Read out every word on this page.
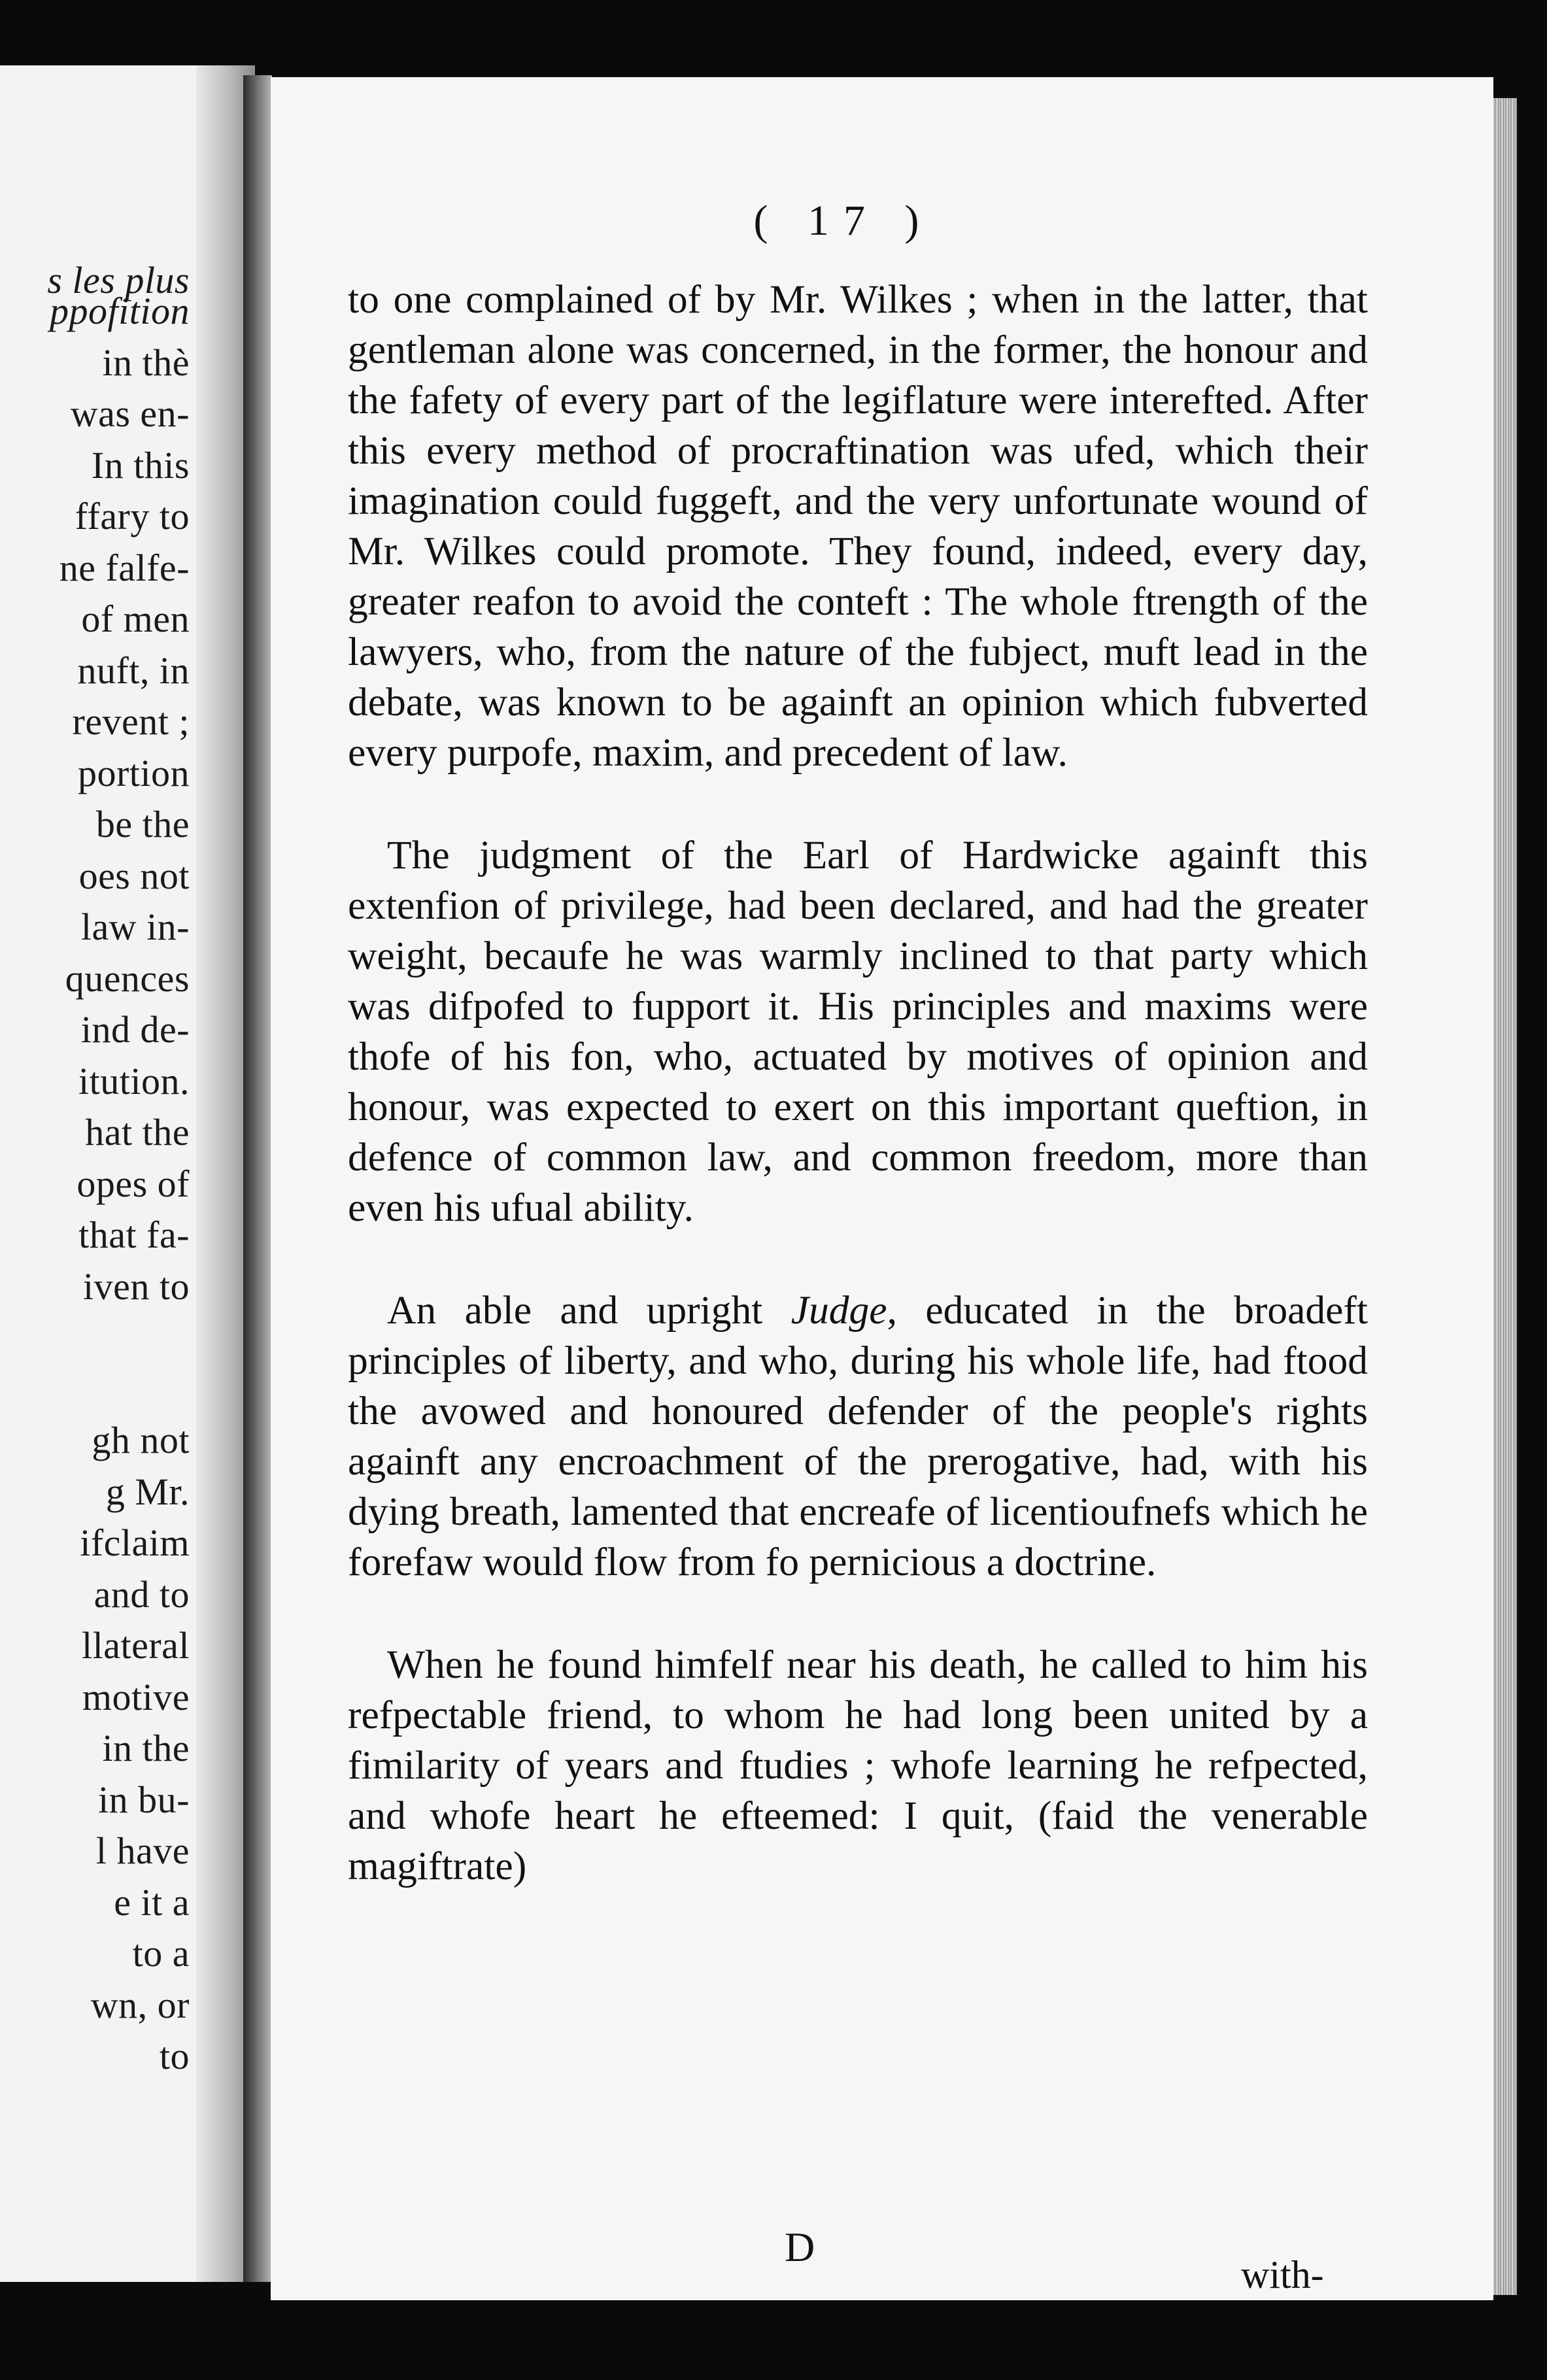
s les plus
ppofition
in thè
was en-
In this
ffary to
ne falfe-
of men
nuft, in
revent ;
portion
be the
oes not
law in-
quences
ind de-
itution.
hat the
opes of
that fa-
iven to
gh not
g Mr.
ifclaim
and to
llateral
motive
in the
in bu-
l have
e it a
to a
wn, or
to
( 17 )

to one complained of by Mr. Wilkes ; when in the latter, that gentleman alone was concerned, in the former, the honour and the fafety of every part of the legiflature were interefted. After this every method of procraftination was ufed, which their imagination could fuggeft, and the very unfortunate wound of Mr. Wilkes could promote. They found, indeed, every day, greater reafon to avoid the conteft : The whole ftrength of the lawyers, who, from the nature of the fubject, muft lead in the debate, was known to be againft an opinion which fubverted every purpofe, maxim, and precedent of law.

The judgment of the Earl of Hardwicke againft this extenfion of privilege, had been declared, and had the greater weight, becaufe he was warmly inclined to that party which was difpofed to fupport it. His principles and maxims were thofe of his fon, who, actuated by motives of opinion and honour, was expected to exert on this important queftion, in defence of common law, and common freedom, more than even his ufual ability.

An able and upright Judge, educated in the broadeft principles of liberty, and who, during his whole life, had ftood the avowed and honoured defender of the people's rights againft any encroachment of the prerogative, had, with his dying breath, lamented that encreafe of licentioufnefs which he forefaw would flow from fo pernicious a doctrine.

When he found himfelf near his death, he called to him his refpectable friend, to whom he had long been united by a fimilarity of years and ftudies ; whofe learning he refpected, and whofe heart he efteemed: I quit, (faid the venerable magiftrate)

D
with-
